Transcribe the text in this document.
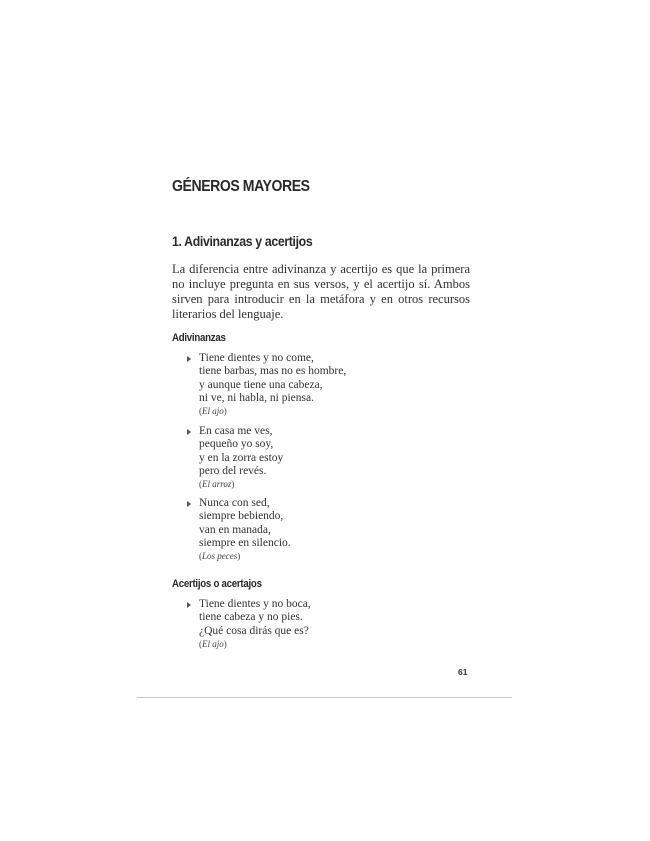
GÉNEROS MAYORES
1. Adivinanzas y acertijos

La diferencia entre adivinanza y acertijo es que la primera no incluye pregunta en sus versos, y el acertijo sí. Ambos sirven para introducir en la metáfora y en otros recursos literarios del lenguaje.

Adivinanzas
Tiene dientes y no come,
tiene barbas, mas no es hombre,
y aunque tiene una cabeza,
ni ve, ni habla, ni piensa.
(El ajo)
En casa me ves,
pequeño yo soy,
y en la zorra estoy
pero del revés.
(El arroz)
Nunca con sed,
siempre bebiendo,
van en manada,
siempre en silencio.
(Los peces)
Acertijos o acertajos
Tiene dientes y no boca,
tiene cabeza y no pies.
¿Qué cosa dirás que es?
(El ajo)
61
